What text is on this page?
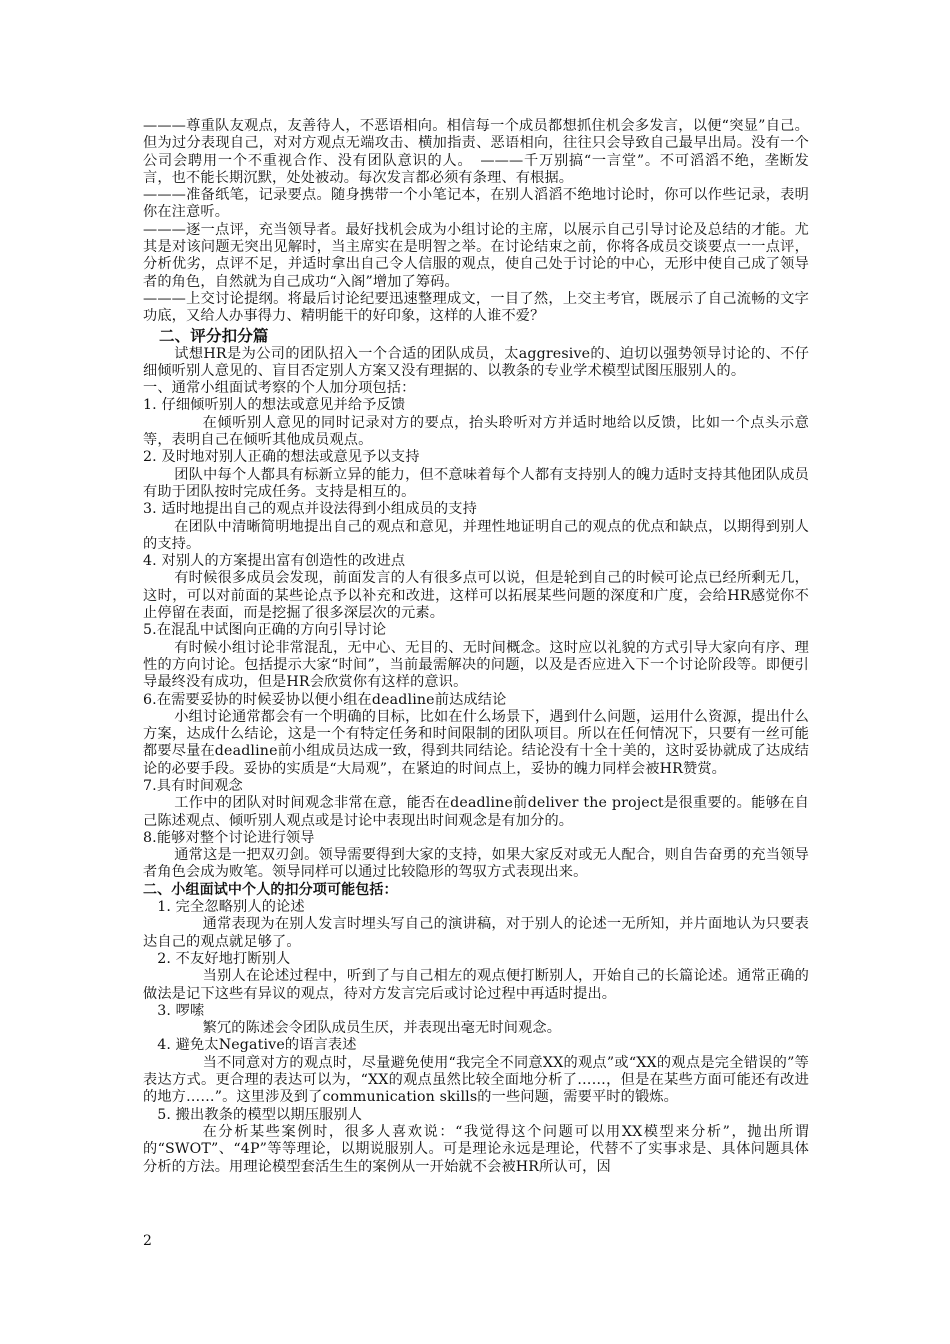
———尊重队友观点，友善待人，不恶语相向。相信每一个成员都想抓住机会多发言，以便“突显”自己。但为过分表现自己，对对方观点无端攻击、横加指责、恶语相向，往往只会导致自己最早出局。没有一个公司会聘用一个不重视合作、没有团队意识的人。　———千万别搞“一言堂”。不可滔滔不绝，垄断发言，也不能长期沉默，处处被动。每次发言都必须有条理、有根据。

———准备纸笔，记录要点。随身携带一个小笔记本，在别人滔滔不绝地讨论时，你可以作些记录，表明你在注意听。

———逐一点评，充当领导者。最好找机会成为小组讨论的主席，以展示自己引导讨论及总结的才能。尤其是对该问题无突出见解时，当主席实在是明智之举。在讨论结束之前，你将各成员交谈要点一一点评，分析优劣，点评不足，并适时拿出自己令人信服的观点，使自己处于讨论的中心，无形中使自己成了领导者的角色，自然就为自己成功“入阁”增加了筹码。

———上交讨论提纲。将最后讨论纪要迅速整理成文，一目了然，上交主考官，既展示了自己流畅的文字功底，又给人办事得力、精明能干的好印象，这样的人谁不爱？

二、评分扣分篇

试想HR是为公司的团队招入一个合适的团队成员，太aggresive的、迫切以强势领导讨论的、不仔细倾听别人意见的、盲目否定别人方案又没有理据的、以教条的专业学术模型试图压服别人的。

一、通常小组面试考察的个人加分项包括：

1. 仔细倾听别人的想法或意见并给予反馈

在倾听别人意见的同时记录对方的要点，抬头聆听对方并适时地给以反馈，比如一个点头示意等，表明自己在倾听其他成员观点。

2. 及时地对别人正确的想法或意见予以支持

团队中每个人都具有标新立异的能力，但不意味着每个人都有支持别人的魄力适时支持其他团队成员有助于团队按时完成任务。支持是相互的。

3. 适时地提出自己的观点并设法得到小组成员的支持

在团队中清晰简明地提出自己的观点和意见，并理性地证明自己的观点的优点和缺点，以期得到别人的支持。

4. 对别人的方案提出富有创造性的改进点

有时候很多成员会发现，前面发言的人有很多点可以说，但是轮到自己的时候可论点已经所剩无几，这时，可以对前面的某些论点予以补充和改进，这样可以拓展某些问题的深度和广度，会给HR感觉你不止停留在表面，而是挖掘了很多深层次的元素。

5.在混乱中试图向正确的方向引导讨论

有时候小组讨论非常混乱，无中心、无目的、无时间概念。这时应以礼貌的方式引导大家向有序、理性的方向讨论。包括提示大家“时间”，当前最需解决的问题，以及是否应进入下一个讨论阶段等。即便引导最终没有成功，但是HR会欣赏你有这样的意识。

6.在需要妥协的时候妥协以便小组在deadline前达成结论

小组讨论通常都会有一个明确的目标，比如在什么场景下，遇到什么问题，运用什么资源，提出什么方案，达成什么结论，这是一个有特定任务和时间限制的团队项目。所以在任何情况下，只要有一丝可能都要尽量在deadline前小组成员达成一致，得到共同结论。结论没有十全十美的，这时妥协就成了达成结论的必要手段。妥协的实质是“大局观”，在紧迫的时间点上，妥协的魄力同样会被HR赞赏。

7.具有时间观念

工作中的团队对时间观念非常在意，能否在deadline前deliver the project是很重要的。能够在自己陈述观点、倾听别人观点或是讨论中表现出时间观念是有加分的。

8.能够对整个讨论进行领导

通常这是一把双刃剑。领导需要得到大家的支持，如果大家反对或无人配合，则自告奋勇的充当领导者角色会成为败笔。领导同样可以通过比较隐形的驾驭方式表现出来。

二、小组面试中个人的扣分项可能包括：

1. 完全忽略别人的论述

通常表现为在别人发言时埋头写自己的演讲稿，对于别人的论述一无所知，并片面地认为只要表达自己的观点就足够了。

2. 不友好地打断别人

当别人在论述过程中，听到了与自己相左的观点便打断别人，开始自己的长篇论述。通常正确的做法是记下这些有异议的观点，待对方发言完后或讨论过程中再适时提出。

3. 啰嗦

繁冗的陈述会令团队成员生厌，并表现出毫无时间观念。

4. 避免太Negative的语言表述

当不同意对方的观点时，尽量避免使用“我完全不同意XX的观点”或“XX的观点是完全错误的”等表达方式。更合理的表达可以为，“XX的观点虽然比较全面地分析了……，但是在某些方面可能还有改进的地方……”。这里涉及到了communication skills的一些问题，需要平时的锻炼。

5. 搬出教条的模型以期压服别人

在分析某些案例时，很多人喜欢说：“我觉得这个问题可以用XX模型来分析”，抛出所谓的“SWOT”、“4P”等等理论，以期说服别人。可是理论永远是理论，代替不了实事求是、具体问题具体分析的方法。用理论模型套活生生的案例从一开始就不会被HR所认可，因

2
